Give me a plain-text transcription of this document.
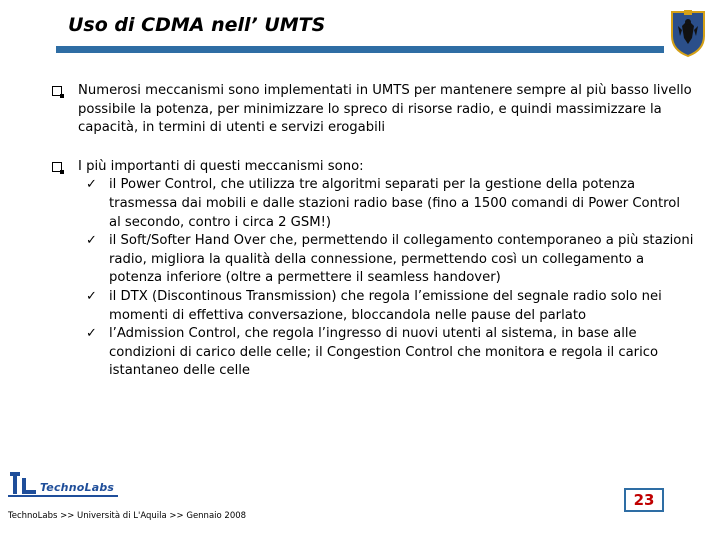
Uso di CDMA nell’ UMTS
Numerosi meccanismi sono implementati in UMTS per mantenere sempre al più basso livello possibile la potenza, per minimizzare lo spreco di risorse radio, e quindi massimizzare la capacità, in termini di utenti e servizi erogabili
I più importanti di questi meccanismi sono:
✓ il Power Control, che utilizza tre algoritmi separati per la gestione della potenza trasmessa dai mobili e dalle stazioni radio base (fino a 1500 comandi di Power Control al secondo, contro i circa 2 GSM!)
✓ il Soft/Softer Hand Over che, permettendo il collegamento contemporaneo a più stazioni radio, migliora la qualità della connessione, permettendo così un collegamento a potenza inferiore (oltre a permettere il seamless handover)
✓ il DTX (Discontinous Transmission) che regola l’emissione del segnale radio solo nei momenti di effettiva conversazione, bloccandola nelle pause del parlato
✓ l’Admission Control, che regola l’ingresso di nuovi utenti al sistema, in base alle condizioni di carico delle celle; il Congestion Control che monitora e regola il carico istantaneo delle celle
TechnoLabs
TechnoLabs >> Università di L'Aquila >> Gennaio 2008
23
